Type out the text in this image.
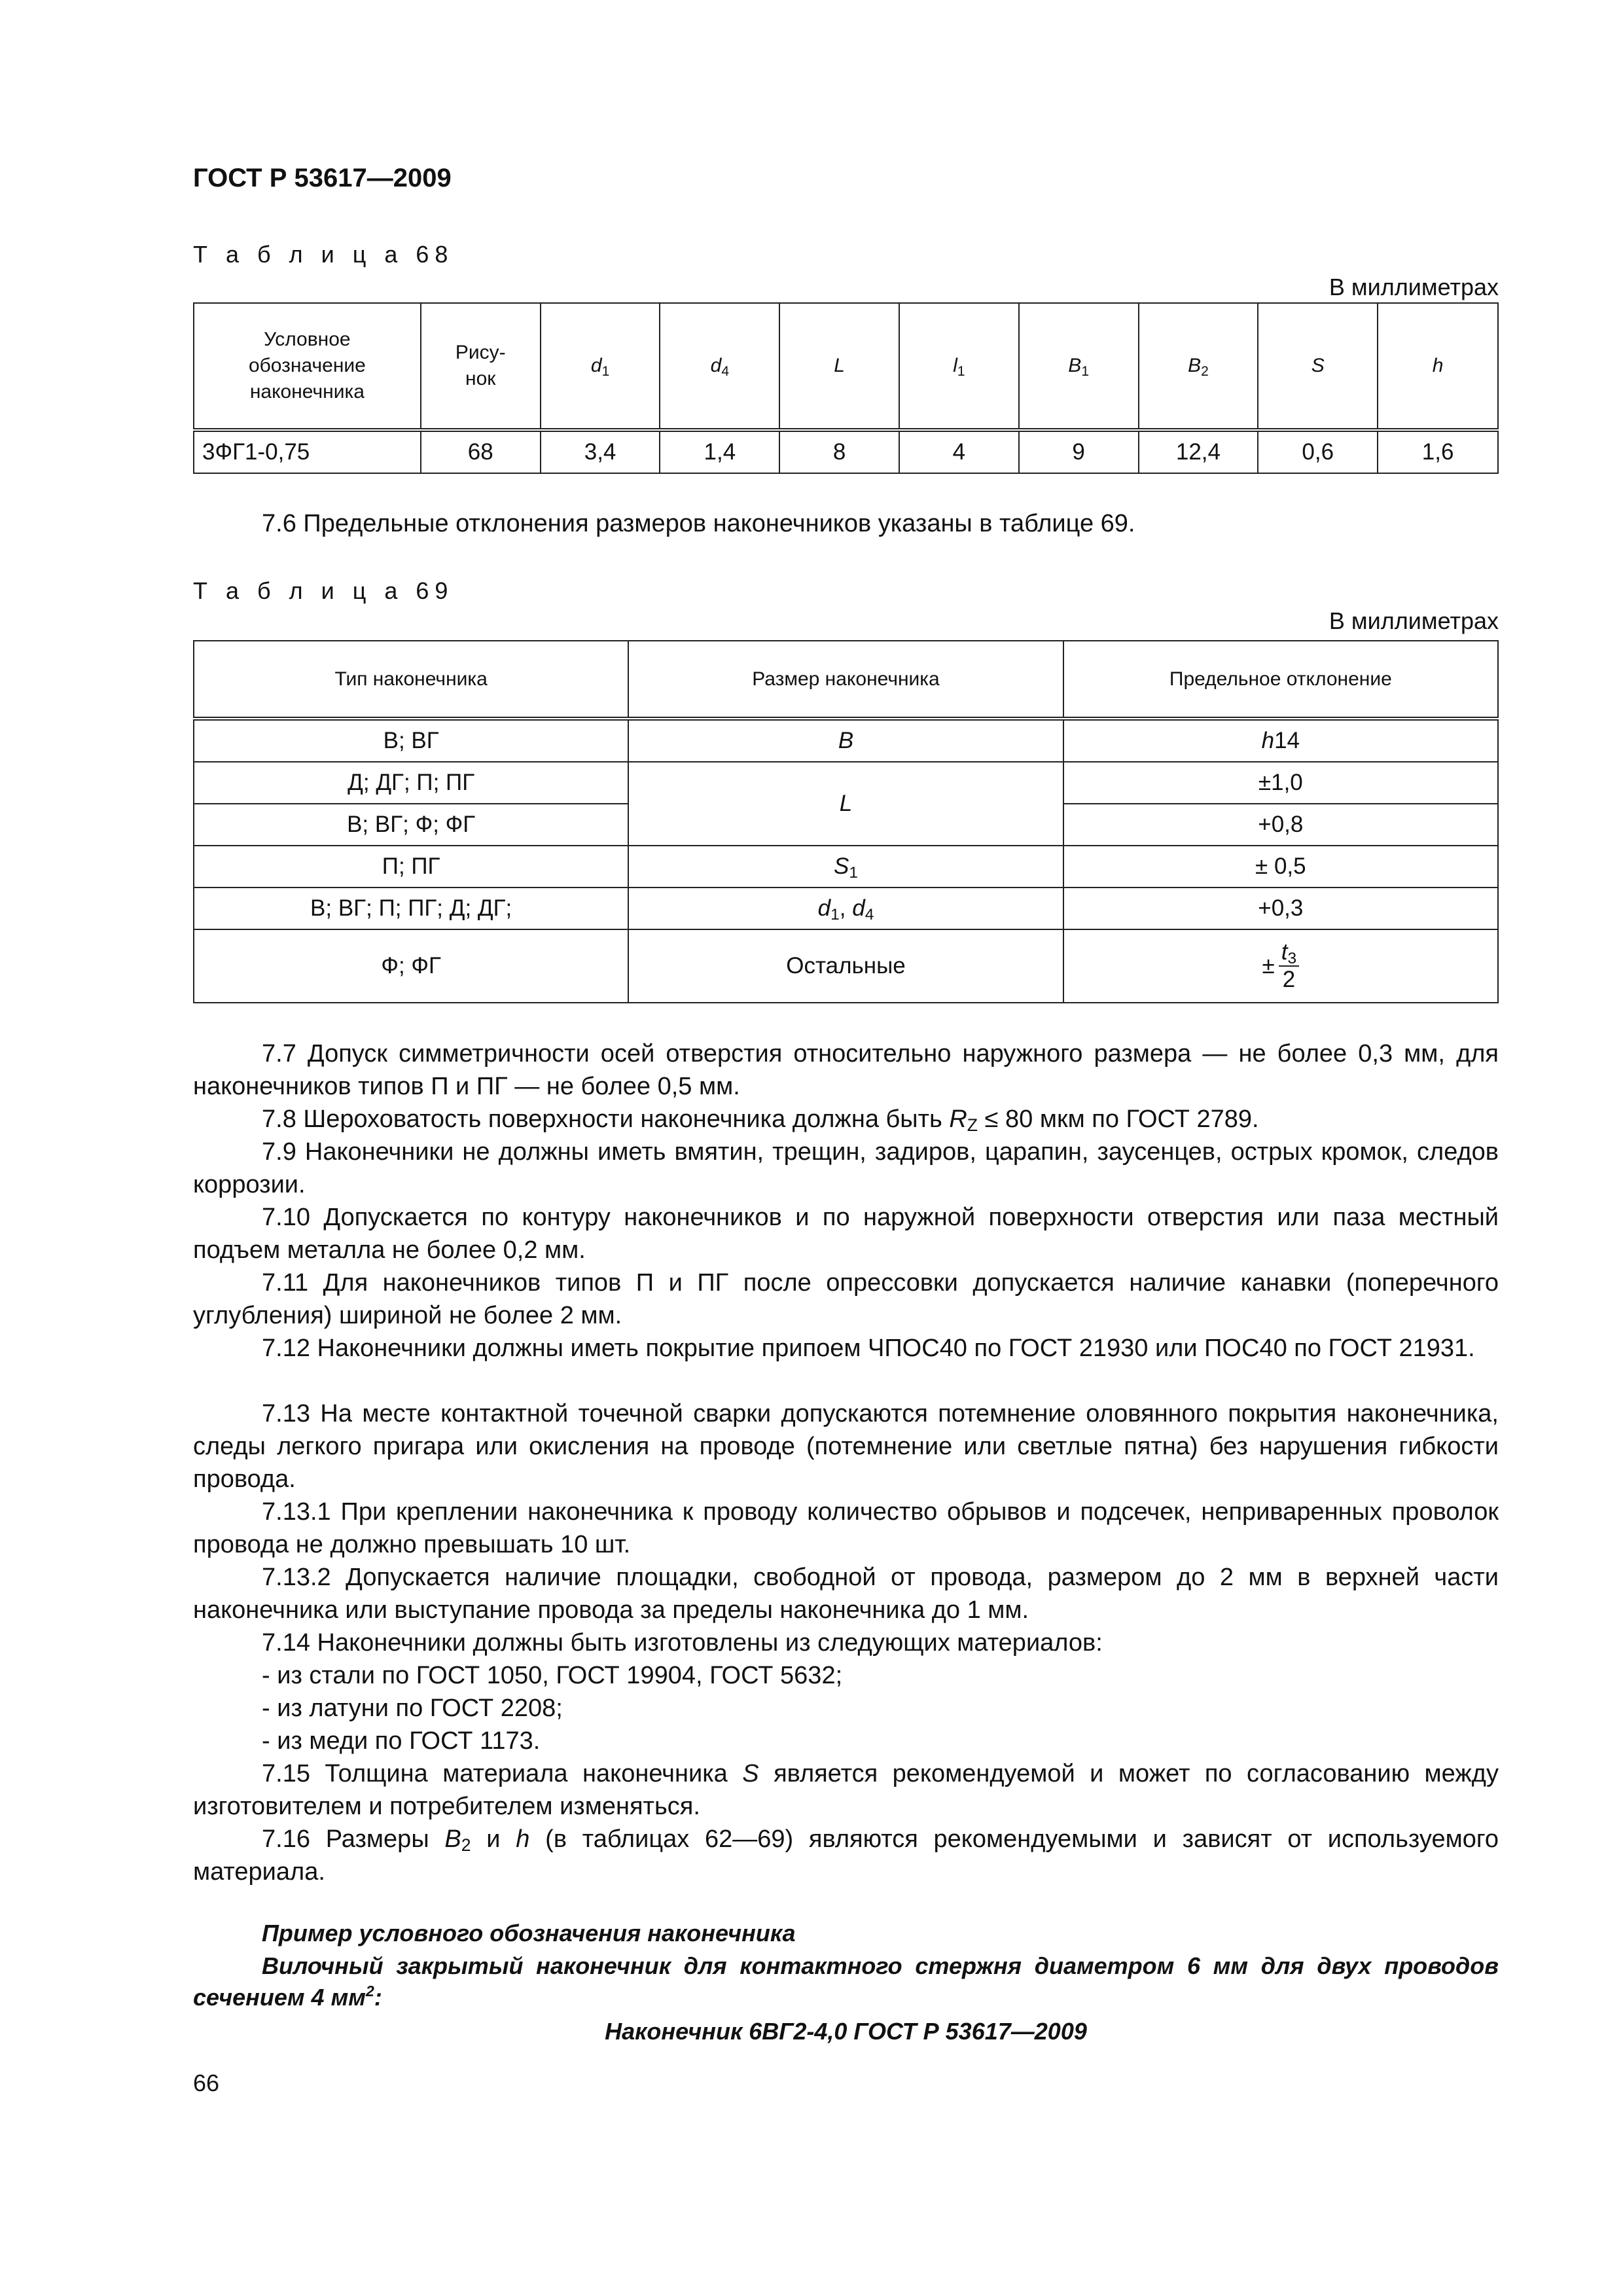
ГОСТ Р 53617—2009
Т а б л и ц а 68
В миллиметрах
Условное обозначение наконечника	Рису-нок	$d_1$	$d_4$	L	$l_1$	$B_1$	$B_2$	S	h
3ФГ1-0,75	68	3,4	1,4	8	4	9	12,4	0,6	1,6
7.6 Предельные отклонения размеров наконечников указаны в таблице 69.
Т а б л и ц а 69
В миллиметрах
Тип наконечника	Размер наконечника	Предельное отклонение
В; ВГ	B	h14
Д; ДГ; П; ПГ	L	±1,0
В; ВГ; Ф; ФГ		+0,8
П; ПГ	$S_1$	± 0,5
В; ВГ; П; ПГ; Д; ДГ;	$d_1$, $d_4$	+0,3
Ф; ФГ	Остальные	± $\frac{t_3}{2}$
7.7 Допуск симметричности осей отверстия относительно наружного размера — не более 0,3 мм, для наконечников типов П и ПГ — не более 0,5 мм.
7.8 Шероховатость поверхности наконечника должна быть $R_Z \le 80$ мкм по ГОСТ 2789.
7.9 Наконечники не должны иметь вмятин, трещин, задиров, царапин, заусенцев, острых кромок, следов коррозии.
7.10 Допускается по контуру наконечников и по наружной поверхности отверстия или паза местный подъем металла не более 0,2 мм.
7.11 Для наконечников типов П и ПГ после опрессовки допускается наличие канавки (поперечного углубления) шириной не более 2 мм.
7.12 Наконечники должны иметь покрытие припоем ЧПОС40 по ГОСТ 21930 или ПОС40 по ГОСТ 21931.
7.13 На месте контактной точечной сварки допускаются потемнение оловянного покрытия наконечника, следы легкого пригара или окисления на проводе (потемнение или светлые пятна) без нарушения гибкости провода.
7.13.1 При креплении наконечника к проводу количество обрывов и подсечек, неприваренных проволок провода не должно превышать 10 шт.
7.13.2 Допускается наличие площадки, свободной от провода, размером до 2 мм в верхней части наконечника или выступание провода за пределы наконечника до 1 мм.
7.14 Наконечники должны быть изготовлены из следующих материалов:
- из стали по ГОСТ 1050, ГОСТ 19904, ГОСТ 5632;
- из латуни по ГОСТ 2208;
- из меди по ГОСТ 1173.
7.15 Толщина материала наконечника S является рекомендуемой и может по согласованию между изготовителем и потребителем изменяться.
7.16 Размеры $B_2$ и h (в таблицах 62—69) являются рекомендуемыми и зависят от используемого материала.
Пример условного обозначения наконечника
Вилочный закрытый наконечник для контактного стержня диаметром 6 мм для двух проводов сечением 4 $мм^2$:
Наконечник 6ВГ2-4,0 ГОСТ Р 53617—2009
66
